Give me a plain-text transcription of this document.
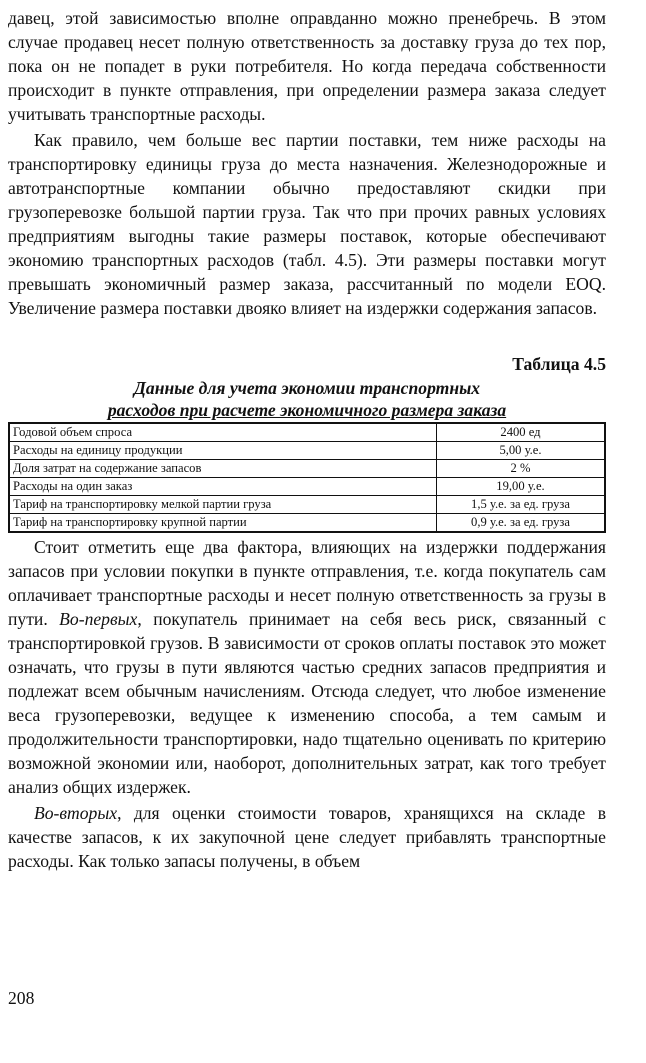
давец, этой зависимостью вполне оправданно можно пренебречь. В этом случае продавец несет полную ответственность за доставку груза до тех пор, пока он не попадет в руки потребителя. Но когда передача собственности происходит в пункте отправления, при определении размера заказа следует учитывать транспортные расходы.

Как правило, чем больше вес партии поставки, тем ниже расходы на транспортировку единицы груза до места назначения. Железнодорожные и автотранспортные компании обычно предоставляют скидки при грузоперевозке большой партии груза. Так что при прочих равных условиях предприятиям выгодны такие размеры поставок, которые обеспечивают экономию транспортных расходов (табл. 4.5). Эти размеры поставки могут превышать экономичный размер заказа, рассчитанный по модели EOQ. Увеличение размера поставки двояко влияет на издержки содержания запасов.

Таблица 4.5
Данные для учета экономии транспортных
расходов при расчете экономичного размера заказа
Годовой объем спроса	2400 ед
Расходы на единицу продукции	5,00 у.е.
Доля затрат на содержание запасов	2 %
Расходы на один заказ	19,00 у.е.
Тариф на транспортировку мелкой партии груза	1,5 у.е. за ед. груза
Тариф на транспортировку крупной партии	0,9 у.е. за ед. груза

Стоит отметить еще два фактора, влияющих на издержки поддержания запасов при условии покупки в пункте отправления, т.е. когда покупатель сам оплачивает транспортные расходы и несет полную ответственность за грузы в пути. Во-первых, покупатель принимает на себя весь риск, связанный с транспортировкой грузов. В зависимости от сроков оплаты поставок это может означать, что грузы в пути являются частью средних запасов предприятия и подлежат всем обычным начислениям. Отсюда следует, что любое изменение веса грузоперевозки, ведущее к изменению способа, а тем самым и продолжительности транспортировки, надо тщательно оценивать по критерию возможной экономии или, наоборот, дополнительных затрат, как того требует анализ общих издержек.

Во-вторых, для оценки стоимости товаров, хранящихся на складе в качестве запасов, к их закупочной цене следует прибавлять транспортные расходы. Как только запасы получены, в объем

208
